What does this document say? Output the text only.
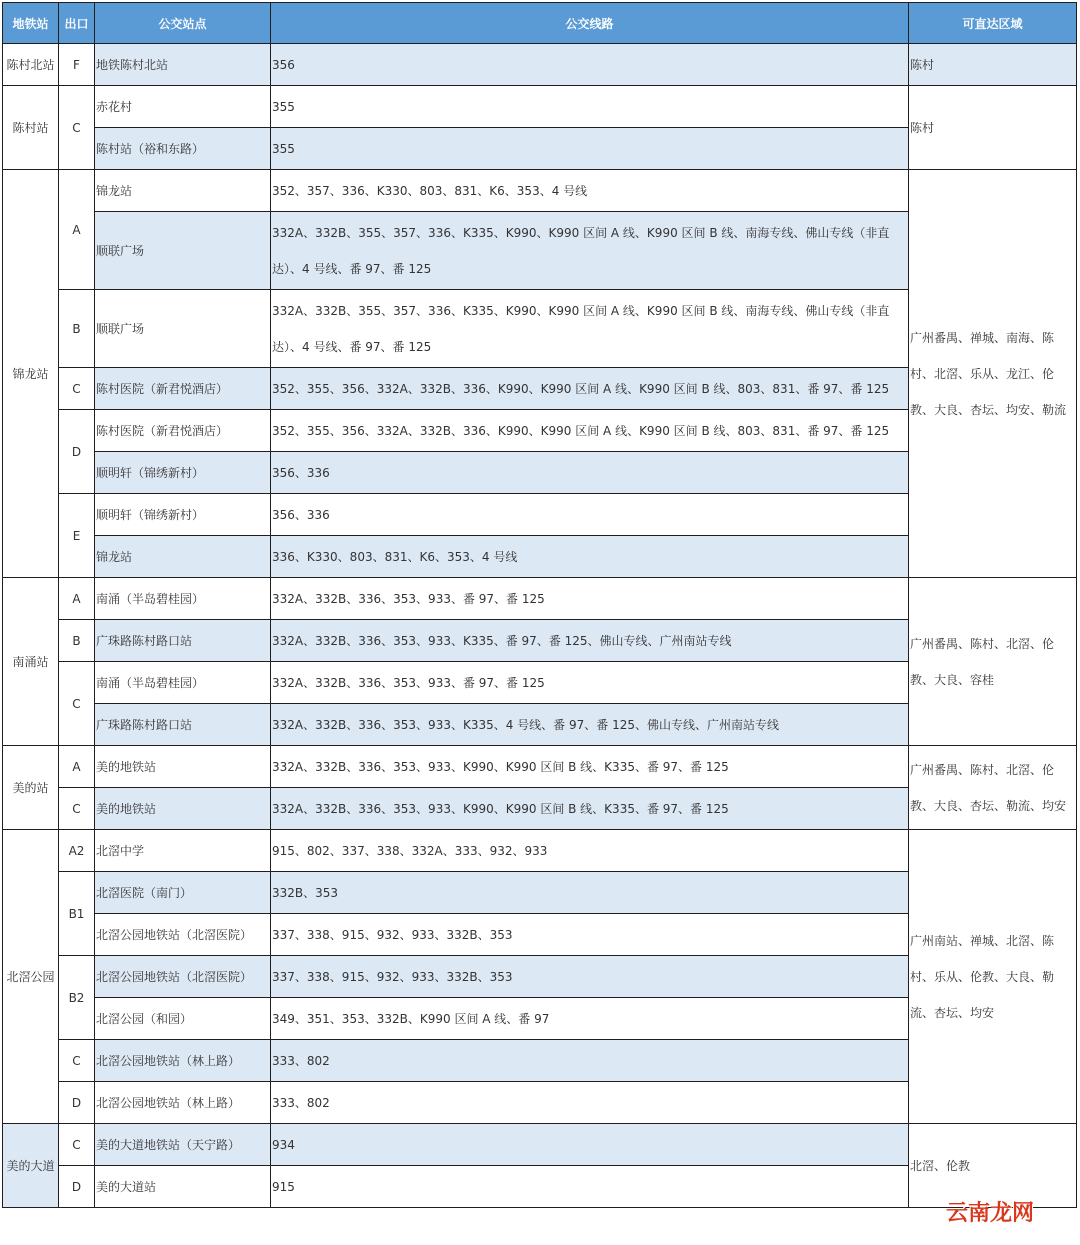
地铁站	出口	公交站点	公交线路	可直达区域
陈村北站	F	地铁陈村北站	356	陈村
陈村站	C	赤花村	355	陈村
		陈村站（裕和东路）	355	
锦龙站	A	锦龙站	352、357、336、K330、803、831、K6、353、4 号线	广州番禺、禅城、南海、陈村、北滘、乐从、龙江、伦教、大良、杏坛、均安、勒流
		顺联广场	332A、332B、355、357、336、K335、K990、K990 区间 A 线、K990 区间 B 线、南海专线、佛山专线（非直达）、4 号线、番 97、番 125	
	B	顺联广场	332A、332B、355、357、336、K335、K990、K990 区间 A 线、K990 区间 B 线、南海专线、佛山专线（非直达）、4 号线、番 97、番 125	
	C	陈村医院（新君悦酒店）	352、355、356、332A、332B、336、K990、K990 区间 A 线、K990 区间 B 线、803、831、番 97、番 125	
	D	陈村医院（新君悦酒店）	352、355、356、332A、332B、336、K990、K990 区间 A 线、K990 区间 B 线、803、831、番 97、番 125	
		顺明轩（锦绣新村）	356、336	
	E	顺明轩（锦绣新村）	356、336	
		锦龙站	336、K330、803、831、K6、353、4 号线	
南涌站	A	南涌（半岛碧桂园）	332A、332B、336、353、933、番 97、番 125	广州番禺、陈村、北滘、伦教、大良、容桂
	B	广珠路陈村路口站	332A、332B、336、353、933、K335、番 97、番 125、佛山专线、广州南站专线	
	C	南涌（半岛碧桂园）	332A、332B、336、353、933、番 97、番 125	
		广珠路陈村路口站	332A、332B、336、353、933、K335、4 号线、番 97、番 125、佛山专线、广州南站专线	
美的站	A	美的地铁站	332A、332B、336、353、933、K990、K990 区间 B 线、K335、番 97、番 125	广州番禺、陈村、北滘、伦教、大良、杏坛、勒流、均安
	C	美的地铁站	332A、332B、336、353、933、K990、K990 区间 B 线、K335、番 97、番 125	
北滘公园	A2	北滘中学	915、802、337、338、332A、333、932、933	广州南站、禅城、北滘、陈村、乐从、伦教、大良、勒流、杏坛、均安
	B1	北滘医院（南门）	332B、353	
		北滘公园地铁站（北滘医院）	337、338、915、932、933、332B、353	
	B2	北滘公园地铁站（北滘医院）	337、338、915、932、933、332B、353	
		北滘公园（和园）	349、351、353、332B、K990 区间 A 线、番 97	
	C	北滘公园地铁站（林上路）	333、802	
	D	北滘公园地铁站（林上路）	333、802	
美的大道	C	美的大道地铁站（天宁路）	934	北滘、伦教
	D	美的大道站	915	
云南龙网
